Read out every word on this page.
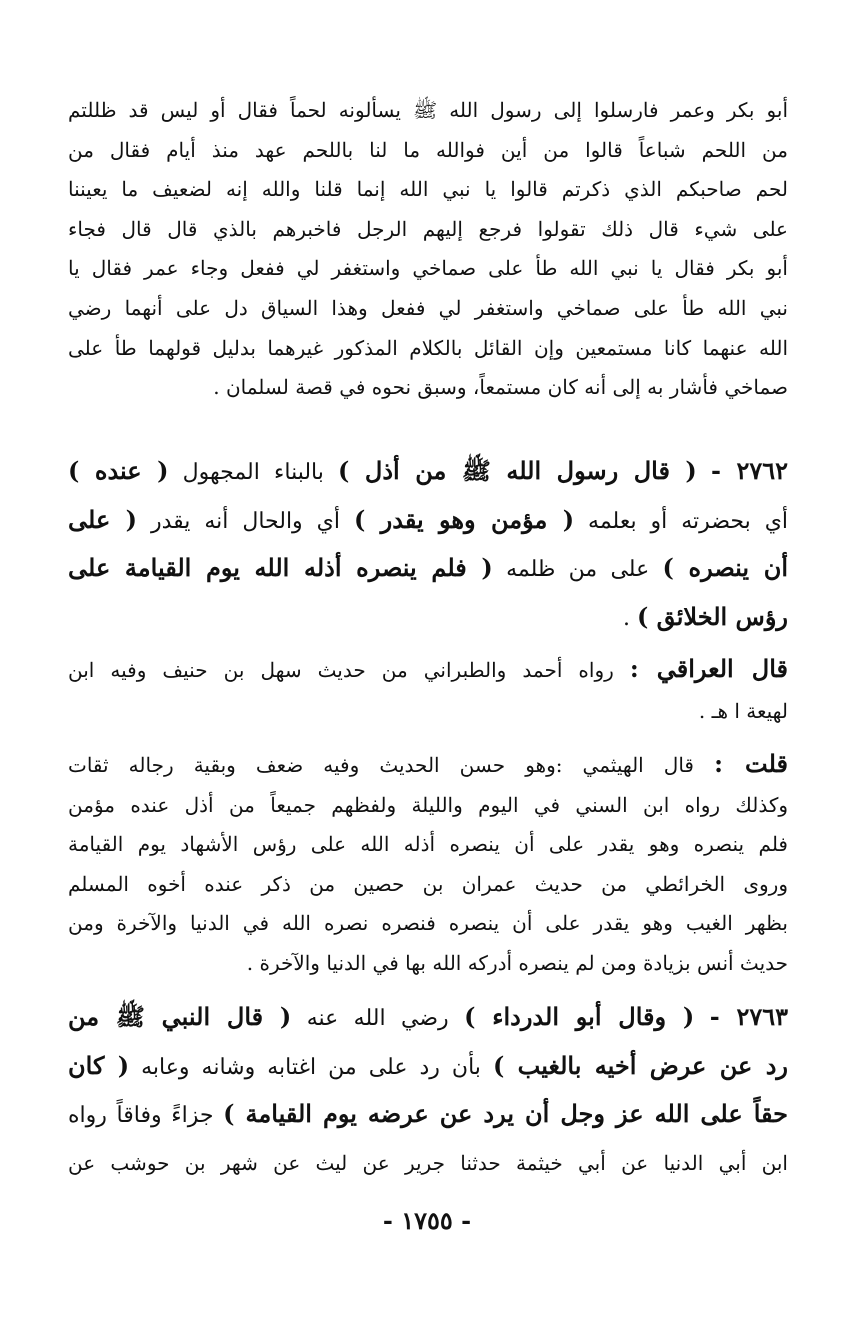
أبو بكر وعمر فارسلوا إلى رسول الله ﷺ يسألونه لحماً فقال أو ليس قد ظللتم
من اللحم شباعاً قالوا من أين فوالله ما لنا باللحم عهد منذ أيام فقال من
لحم صاحبكم الذي ذكرتم قالوا يا نبي الله إنما قلنا والله إنه لضعيف ما يعيننا
على شيء قال ذلك تقولوا فرجع إليهم الرجل فاخبرهم بالذي قال قال فجاء
أبو بكر فقال يا نبي الله طأ على صماخي واستغفر لي ففعل وجاء عمر فقال يا
نبي الله طأ على صماخي واستغفر لي ففعل وهذا السياق دل على أنهما رضي
الله عنهما كانا مستمعين وإن القائل بالكلام المذكور غيرهما بدليل قولهما طأ على
صماخي فأشار به إلى أنه كان مستمعاً، وسبق نحوه في قصة لسلمان .
٢٧٦٢ - ( قال رسول الله ﷺ من أذل ) بالبناء المجهول ( عنده )
أي بحضرته أو بعلمه ( مؤمن وهو يقدر ) أي والحال أنه يقدر ( على
أن ينصره ) على من ظلمه ( فلم ينصره أذله الله يوم القيامة على
رؤس الخلائق ) .
قال العراقي : رواه أحمد والطبراني من حديث سهل بن حنيف وفيه ابن
لهيعة ا هـ .
قلت : قال الهيثمي :وهو حسن الحديث وفيه ضعف وبقية رجاله ثقات
وكذلك رواه ابن السني في اليوم والليلة ولفظهم جميعاً من أذل عنده مؤمن
فلم ينصره وهو يقدر على أن ينصره أذله الله على رؤس الأشهاد يوم القيامة
وروى الخرائطي من حديث عمران بن حصين من ذكر عنده أخوه المسلم
بظهر الغيب وهو يقدر على أن ينصره فنصره نصره الله في الدنيا والآخرة ومن
حديث أنس بزيادة ومن لم ينصره أدركه الله بها في الدنيا والآخرة .
٢٧٦٣ - ( وقال أبو الدرداء ) رضي الله عنه ( قال النبي ﷺ من
رد عن عرض أخيه بالغيب ) بأن رد على من اغتابه وشانه وعابه ( كان
حقاً على الله عز وجل أن يرد عن عرضه يوم القيامة ) جزاءً وفاقاً رواه
ابن أبي الدنيا عن أبي خيثمة حدثنا جرير عن ليث عن شهر بن حوشب عن
- ١٧٥٥ -
